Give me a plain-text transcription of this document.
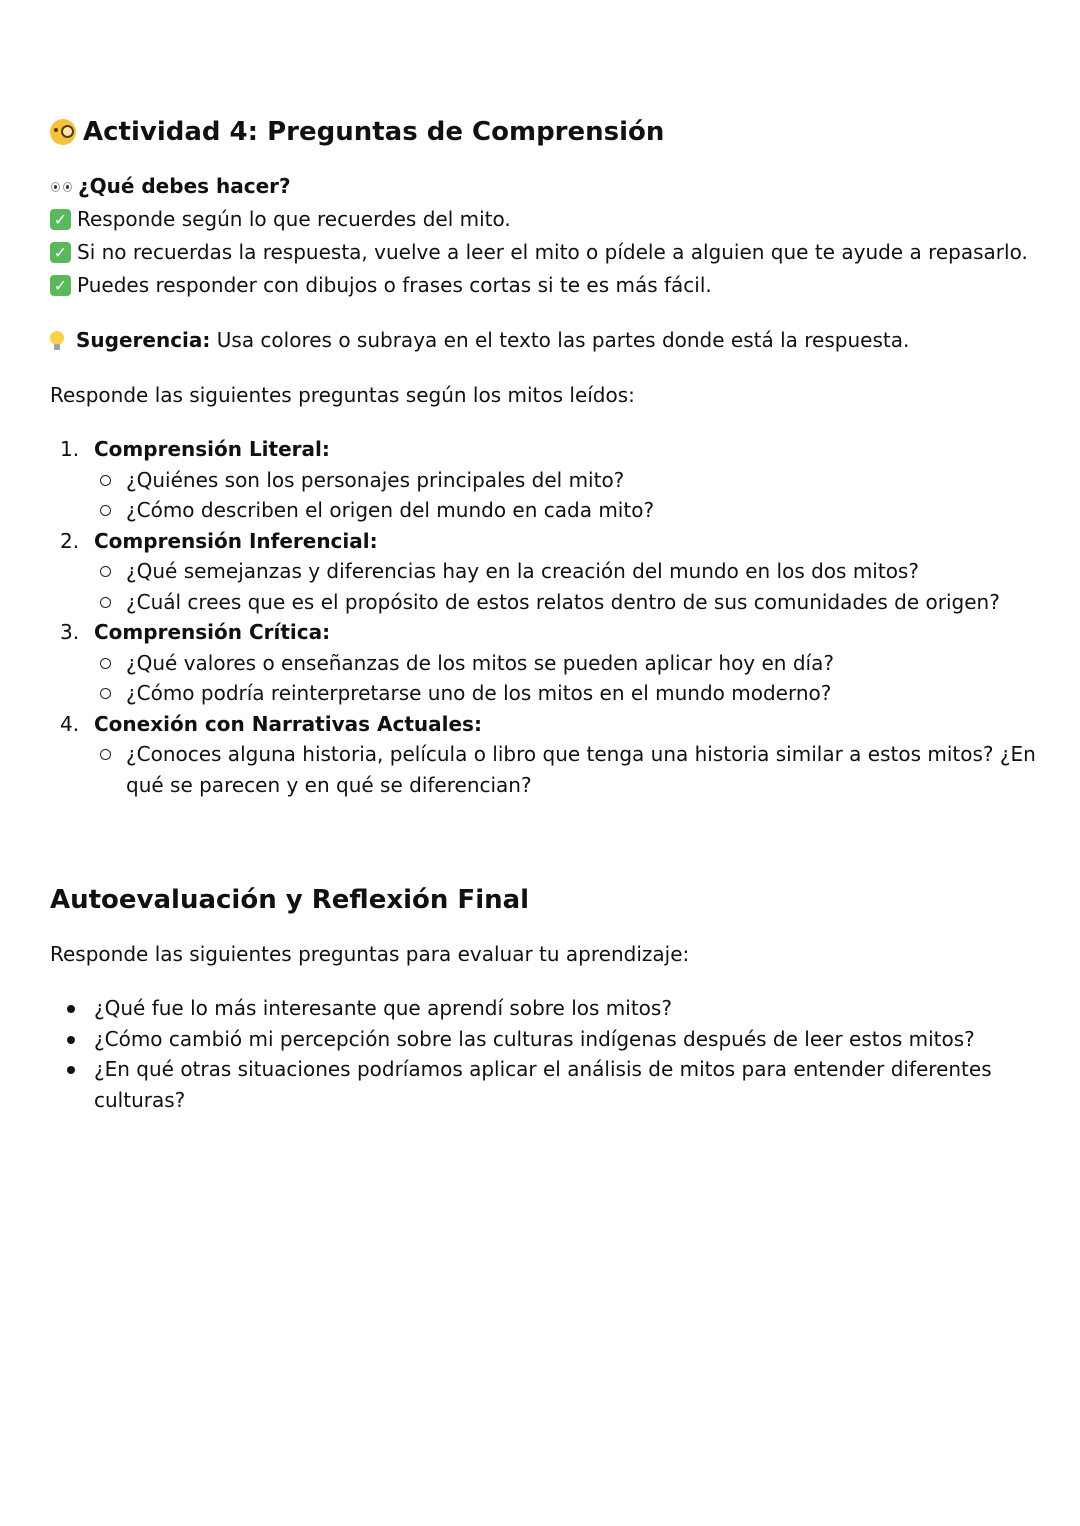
Actividad 4: Preguntas de Comprensión
¿Qué debes hacer?
✓ Responde según lo que recuerdes del mito.
✓ Si no recuerdas la respuesta, vuelve a leer el mito o pídele a alguien que te ayude a repasarlo.
✓ Puedes responder con dibujos o frases cortas si te es más fácil.
Sugerencia: Usa colores o subraya en el texto las partes donde está la respuesta.
Responde las siguientes preguntas según los mitos leídos:
1. Comprensión Literal:
¿Quiénes son los personajes principales del mito?
¿Cómo describen el origen del mundo en cada mito?
2. Comprensión Inferencial:
¿Qué semejanzas y diferencias hay en la creación del mundo en los dos mitos?
¿Cuál crees que es el propósito de estos relatos dentro de sus comunidades de origen?
3. Comprensión Crítica:
¿Qué valores o enseñanzas de los mitos se pueden aplicar hoy en día?
¿Cómo podría reinterpretarse uno de los mitos en el mundo moderno?
4. Conexión con Narrativas Actuales:
¿Conoces alguna historia, película o libro que tenga una historia similar a estos mitos? ¿En qué se parecen y en qué se diferencian?
Autoevaluación y Reflexión Final
Responde las siguientes preguntas para evaluar tu aprendizaje:
¿Qué fue lo más interesante que aprendí sobre los mitos?
¿Cómo cambió mi percepción sobre las culturas indígenas después de leer estos mitos?
¿En qué otras situaciones podríamos aplicar el análisis de mitos para entender diferentes culturas?
